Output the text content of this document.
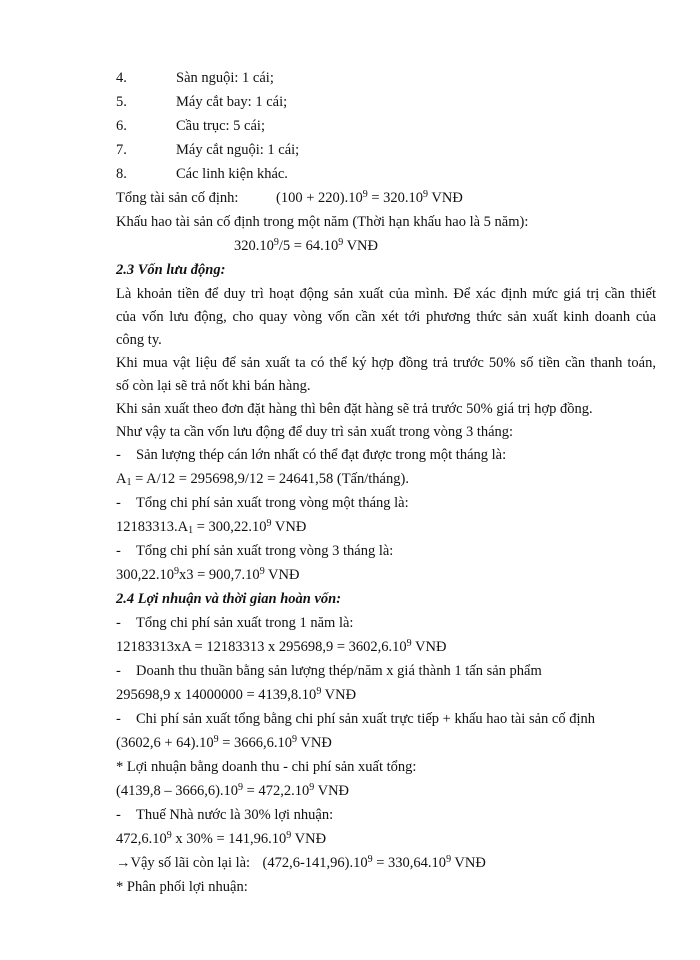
4.	Sàn nguội: 1 cái;
5.	Máy cắt bay: 1 cái;
6.	Cầu trục: 5 cái;
7.	Máy cắt nguội: 1 cái;
8.	Các linh kiện khác.
Tổng tài sản cố định:	$(100 + 220).10^9 = 320.10^9$ VNĐ
Khấu hao tài sản cố định trong một năm (Thời hạn khấu hao là 5 năm):
$320.10^9/5 = 64.10^9$ VNĐ
2.3 Vốn lưu động:
Là khoản tiền để duy trì hoạt động sản xuất của mình. Để xác định mức giá trị cần thiết
của vốn lưu động, cho quay vòng vốn cần xét tới phương thức sản xuất kinh doanh của
công ty.
Khi mua vật liệu để sản xuất ta có thể ký hợp đồng trả trước 50% số tiền cần thanh toán,
số còn lại sẽ trả nốt khi bán hàng.
Khi sản xuất theo đơn đặt hàng thì bên đặt hàng sẽ trả trước 50% giá trị hợp đồng.
Như vậy ta cần vốn lưu động để duy trì sản xuất trong vòng 3 tháng:
- Sản lượng thép cán lớn nhất có thể đạt được trong một tháng là:
$A_1 = A/12 = 295698,9/12 = 24641,58$ (Tấn/tháng).
- Tổng chi phí sản xuất trong vòng một tháng là:
$12183313.A_1 = 300,22.10^9$ VNĐ
- Tổng chi phí sản xuất trong vòng 3 tháng là:
$300,22.10^9x3 = 900,7.10^9$ VNĐ
2.4 Lợi nhuận và thời gian hoàn vốn:
- Tổng chi phí sản xuất trong 1 năm là:
12183313xA = 12183313 x $295698,9 = 3602,6.10^9$ VNĐ
- Doanh thu thuần bằng sản lượng thép/năm x giá thành 1 tấn sản phẩm
295698,9 x $14000000 = 4139,8.10^9$ VNĐ
- Chi phí sản xuất tổng bằng chi phí sản xuất trực tiếp + khấu hao tài sản cố định
$(3602,6 + 64).10^9 = 3666,6.10^9$ VNĐ
* Lợi nhuận bằng doanh thu - chi phí sản xuất tổng:
$(4139,8 - 3666,6).10^9 = 472,2.10^9$ VNĐ
- Thuế Nhà nước là 30% lợi nhuận:
472,6.10$^9$ x $30\% = 141,96.10^9$ VNĐ
→Vậy số lãi còn lại là: $(472,6-141,96).10^9 = 330,64.10^9$ VNĐ
* Phân phối lợi nhuận:
